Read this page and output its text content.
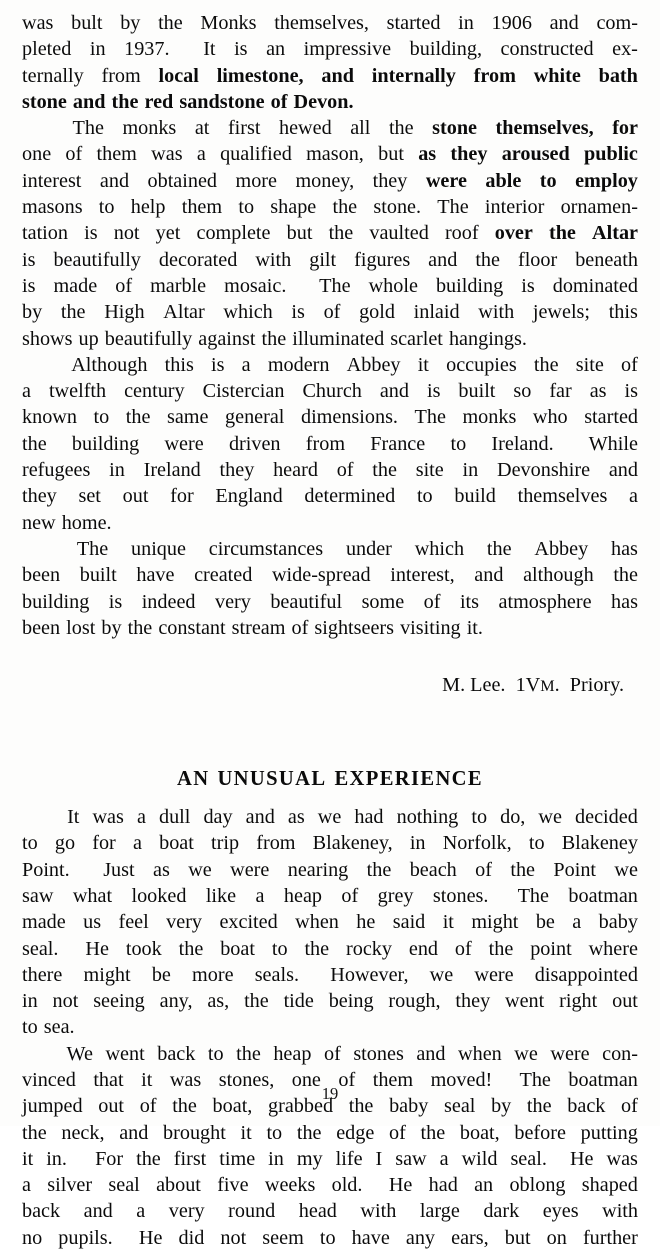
was bult by the Monks themselves, started in 1906 and com-
pleted in 1937. It is an impressive building, constructed ex-
ternally from local limestone, and internally from white bath
stone and the red sandstone of Devon.
The monks at first hewed all the stone themselves, for
one of them was a qualified mason, but as they aroused public
interest and obtained more money, they were able to employ
masons to help them to shape the stone. The interior ornamen-
tation is not yet complete but the vaulted roof over the Altar
is beautifully decorated with gilt figures and the floor beneath
is made of marble mosaic. The whole building is dominated
by the High Altar which is of gold inlaid with jewels; this
shows up beautifully against the illuminated scarlet hangings.
Although this is a modern Abbey it occupies the site of
a twelfth century Cistercian Church and is built so far as is
known to the same general dimensions. The monks who started
the building were driven from France to Ireland. While
refugees in Ireland they heard of the site in Devonshire and
they set out for England determined to build themselves a
new home.
The unique circumstances under which the Abbey has
been built have created wide-spread interest, and although the
building is indeed very beautiful some of its atmosphere has
been lost by the constant stream of sightseers visiting it.

M. Lee. 1VM. Priory.

AN UNUSUAL EXPERIENCE
It was a dull day and as we had nothing to do, we decided
to go for a boat trip from Blakeney, in Norfolk, to Blakeney
Point. Just as we were nearing the beach of the Point we
saw what looked like a heap of grey stones. The boatman
made us feel very excited when he said it might be a baby
seal. He took the boat to the rocky end of the point where
there might be more seals. However, we were disappointed
in not seeing any, as, the tide being rough, they went right out
to sea.
We went back to the heap of stones and when we were con-
vinced that it was stones, one of them moved! The boatman
jumped out of the boat, grabbed the baby seal by the back of
the neck, and brought it to the edge of the boat, before putting
it in. For the first time in my life I saw a wild seal. He was
a silver seal about five weeks old. He had an oblong shaped
back and a very round head with large dark eyes with
no pupils. He did not seem to have any ears, but on further
19
